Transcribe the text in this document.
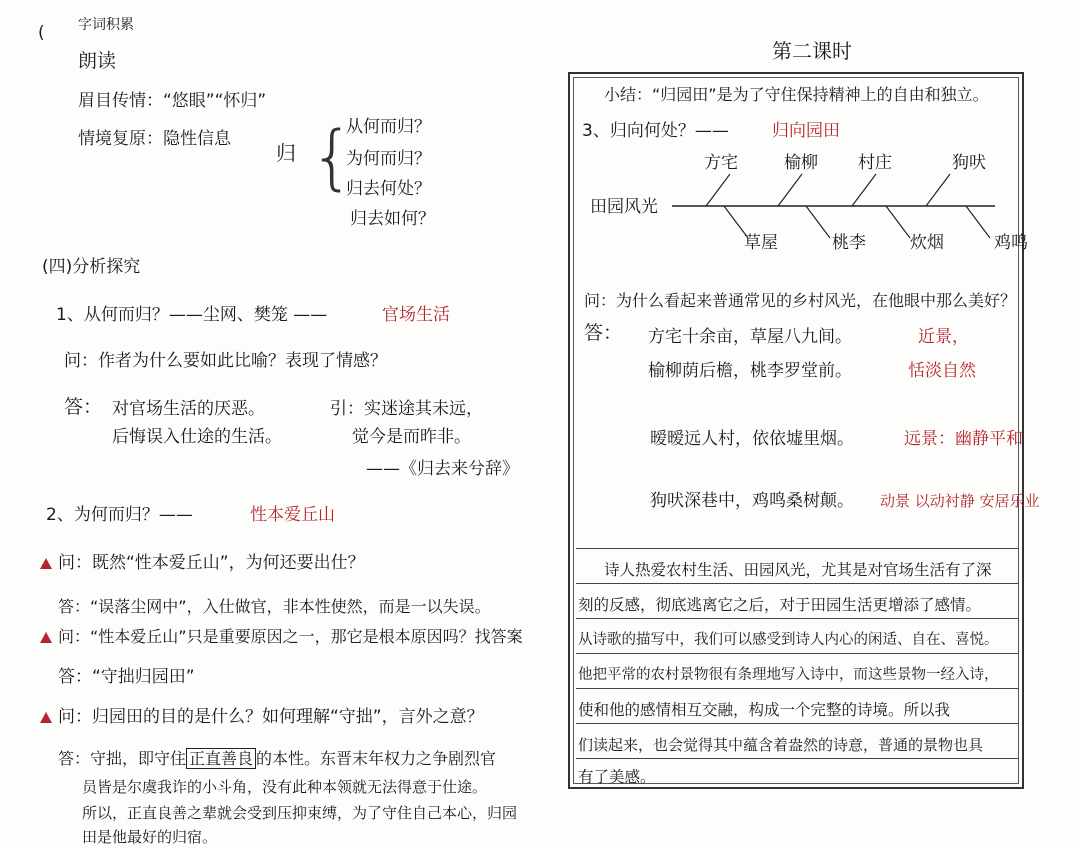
( 字词积累
朗读
眉目传情：“悠眼”“怀归”
情境复原：隐性信息
归 {
从何而归？
为何而归？
归去何处？
归去如何？
(四)分析探究
1、从何而归？——尘网、樊笼 ——	官场生活
问：作者为什么要如此比喻？表现了情感？
答： 对官场生活的厌恶。
后悔误入仕途的生活。
引：实迷途其未远，
觉今是而昨非。
——《归去来兮辞》
2、为何而归？——	性本爱丘山
问：既然“性本爱丘山”，为何还要出仕？
答：“误落尘网中”，入仕做官，非本性使然，而是一以失误。
问：“性本爱丘山”只是重要原因之一，那它是根本原因吗？找答案
答：“守拙归园田”
问：归园田的目的是什么？如何理解“守拙”，言外之意？
答：守拙，即守住 正直善良 的本性。东晋末年权力之争剧烈官
员皆是尔虞我诈的小斗角，没有此种本领就无法得意于仕途。
所以，正直良善之辈就会受到压抑束缚，为了守住自己本心，归园
田是他最好的归宿。
第二课时
小结：“归园田”是为了守住保持精神上的自由和独立。
3、归向何处？——	归向园田
田园风光
方宅	榆柳 村庄	狗吠
草屋	桃李	炊烟	鸡鸣
问：为什么看起来普通常见的乡村风光，在他眼中那么美好？
答： 方宅十余亩，草屋八九间。	近景，
榆柳荫后檐，桃李罗堂前。	恬淡自然
暧暧远人村，依依墟里烟。	远景：幽静平和
狗吠深巷中，鸡鸣桑树颠。 动景 以动衬静 安居乐业
诗人热爱农村生活、田园风光，尤其是对官场生活有了深
刻的反感，彻底逃离它之后，对于田园生活更增添了感情。
从诗歌的描写中，我们可以感受到诗人内心的闲适、自在、喜悦。
他把平常的农村景物很有条理地写入诗中，而这些景物一经入诗，
使和他的感情相互交融，构成一个完整的诗境。所以我
们读起来，也会觉得其中蕴含着盎然的诗意，普通的景物也具
有了美感。
